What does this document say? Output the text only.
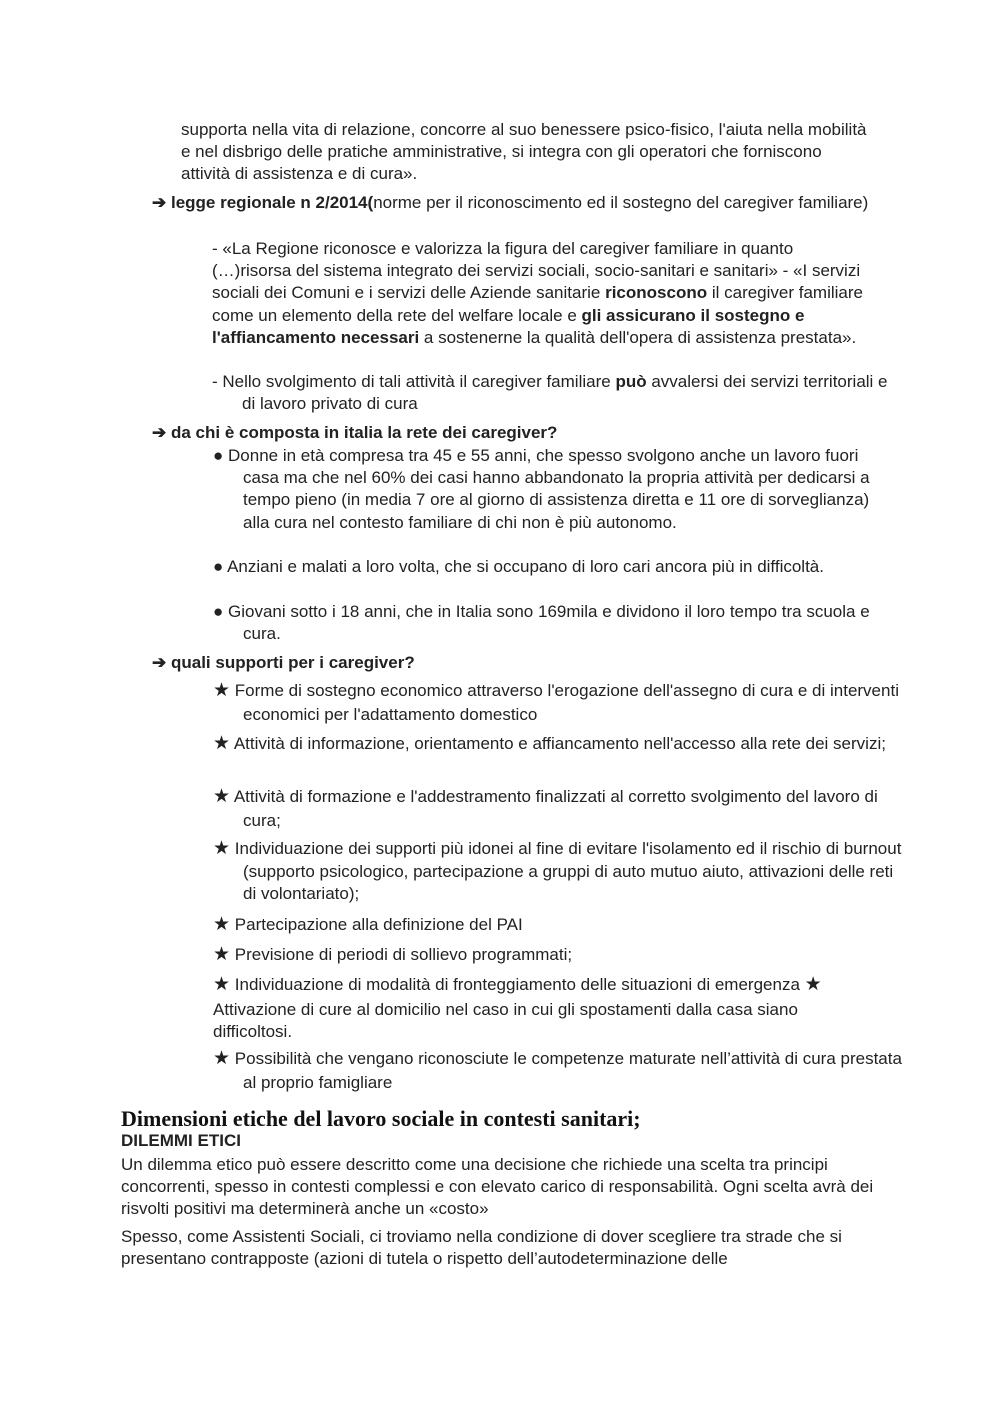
supporta nella vita di relazione, concorre al suo benessere psico-fisico, l'aiuta nella mobilità e nel disbrigo delle pratiche amministrative, si integra con gli operatori che forniscono attività di assistenza e di cura».

➔ legge regionale n 2/2014(norme per il riconoscimento ed il sostegno del caregiver familiare)

- «La Regione riconosce e valorizza la figura del caregiver familiare in quanto (…)risorsa del sistema integrato dei servizi sociali, socio-sanitari e sanitari» - «I servizi sociali dei Comuni e i servizi delle Aziende sanitarie riconoscono il caregiver familiare come un elemento della rete del welfare locale e gli assicurano il sostegno e l'affiancamento necessari a sostenerne la qualità dell'opera di assistenza prestata».

- Nello svolgimento di tali attività il caregiver familiare può avvalersi dei servizi territoriali e di lavoro privato di cura

➔ da chi è composta in italia la rete dei caregiver?

● Donne in età compresa tra 45 e 55 anni, che spesso svolgono anche un lavoro fuori casa ma che nel 60% dei casi hanno abbandonato la propria attività per dedicarsi a tempo pieno (in media 7 ore al giorno di assistenza diretta e 11 ore di sorveglianza) alla cura nel contesto familiare di chi non è più autonomo.

● Anziani e malati a loro volta, che si occupano di loro cari ancora più in difficoltà.

● Giovani sotto i 18 anni, che in Italia sono 169mila e dividono il loro tempo tra scuola e cura.

➔ quali supporti per i caregiver?

★ Forme di sostegno economico attraverso l'erogazione dell'assegno di cura e di interventi economici per l'adattamento domestico

★ Attività di informazione, orientamento e affiancamento nell'accesso alla rete dei servizi;

★ Attività di formazione e l'addestramento finalizzati al corretto svolgimento del lavoro di cura;

★ Individuazione dei supporti più idonei al fine di evitare l'isolamento ed il rischio di burnout (supporto psicologico, partecipazione a gruppi di auto mutuo aiuto, attivazioni delle reti di volontariato);

★ Partecipazione alla definizione del PAI

★ Previsione di periodi di sollievo programmati;

★ Individuazione di modalità di fronteggiamento delle situazioni di emergenza ★

Attivazione di cure al domicilio nel caso in cui gli spostamenti dalla casa siano difficoltosi.

★ Possibilità che vengano riconosciute le competenze maturate nell’attività di cura prestata al proprio famigliare

Dimensioni etiche del lavoro sociale in contesti sanitari;
DILEMMI ETICI

Un dilemma etico può essere descritto come una decisione che richiede una scelta tra principi concorrenti, spesso in contesti complessi e con elevato carico di responsabilità. Ogni scelta avrà dei risvolti positivi ma determinerà anche un «costo»

Spesso, come Assistenti Sociali, ci troviamo nella condizione di dover scegliere tra strade che si presentano contrapposte (azioni di tutela o rispetto dell’autodeterminazione delle
